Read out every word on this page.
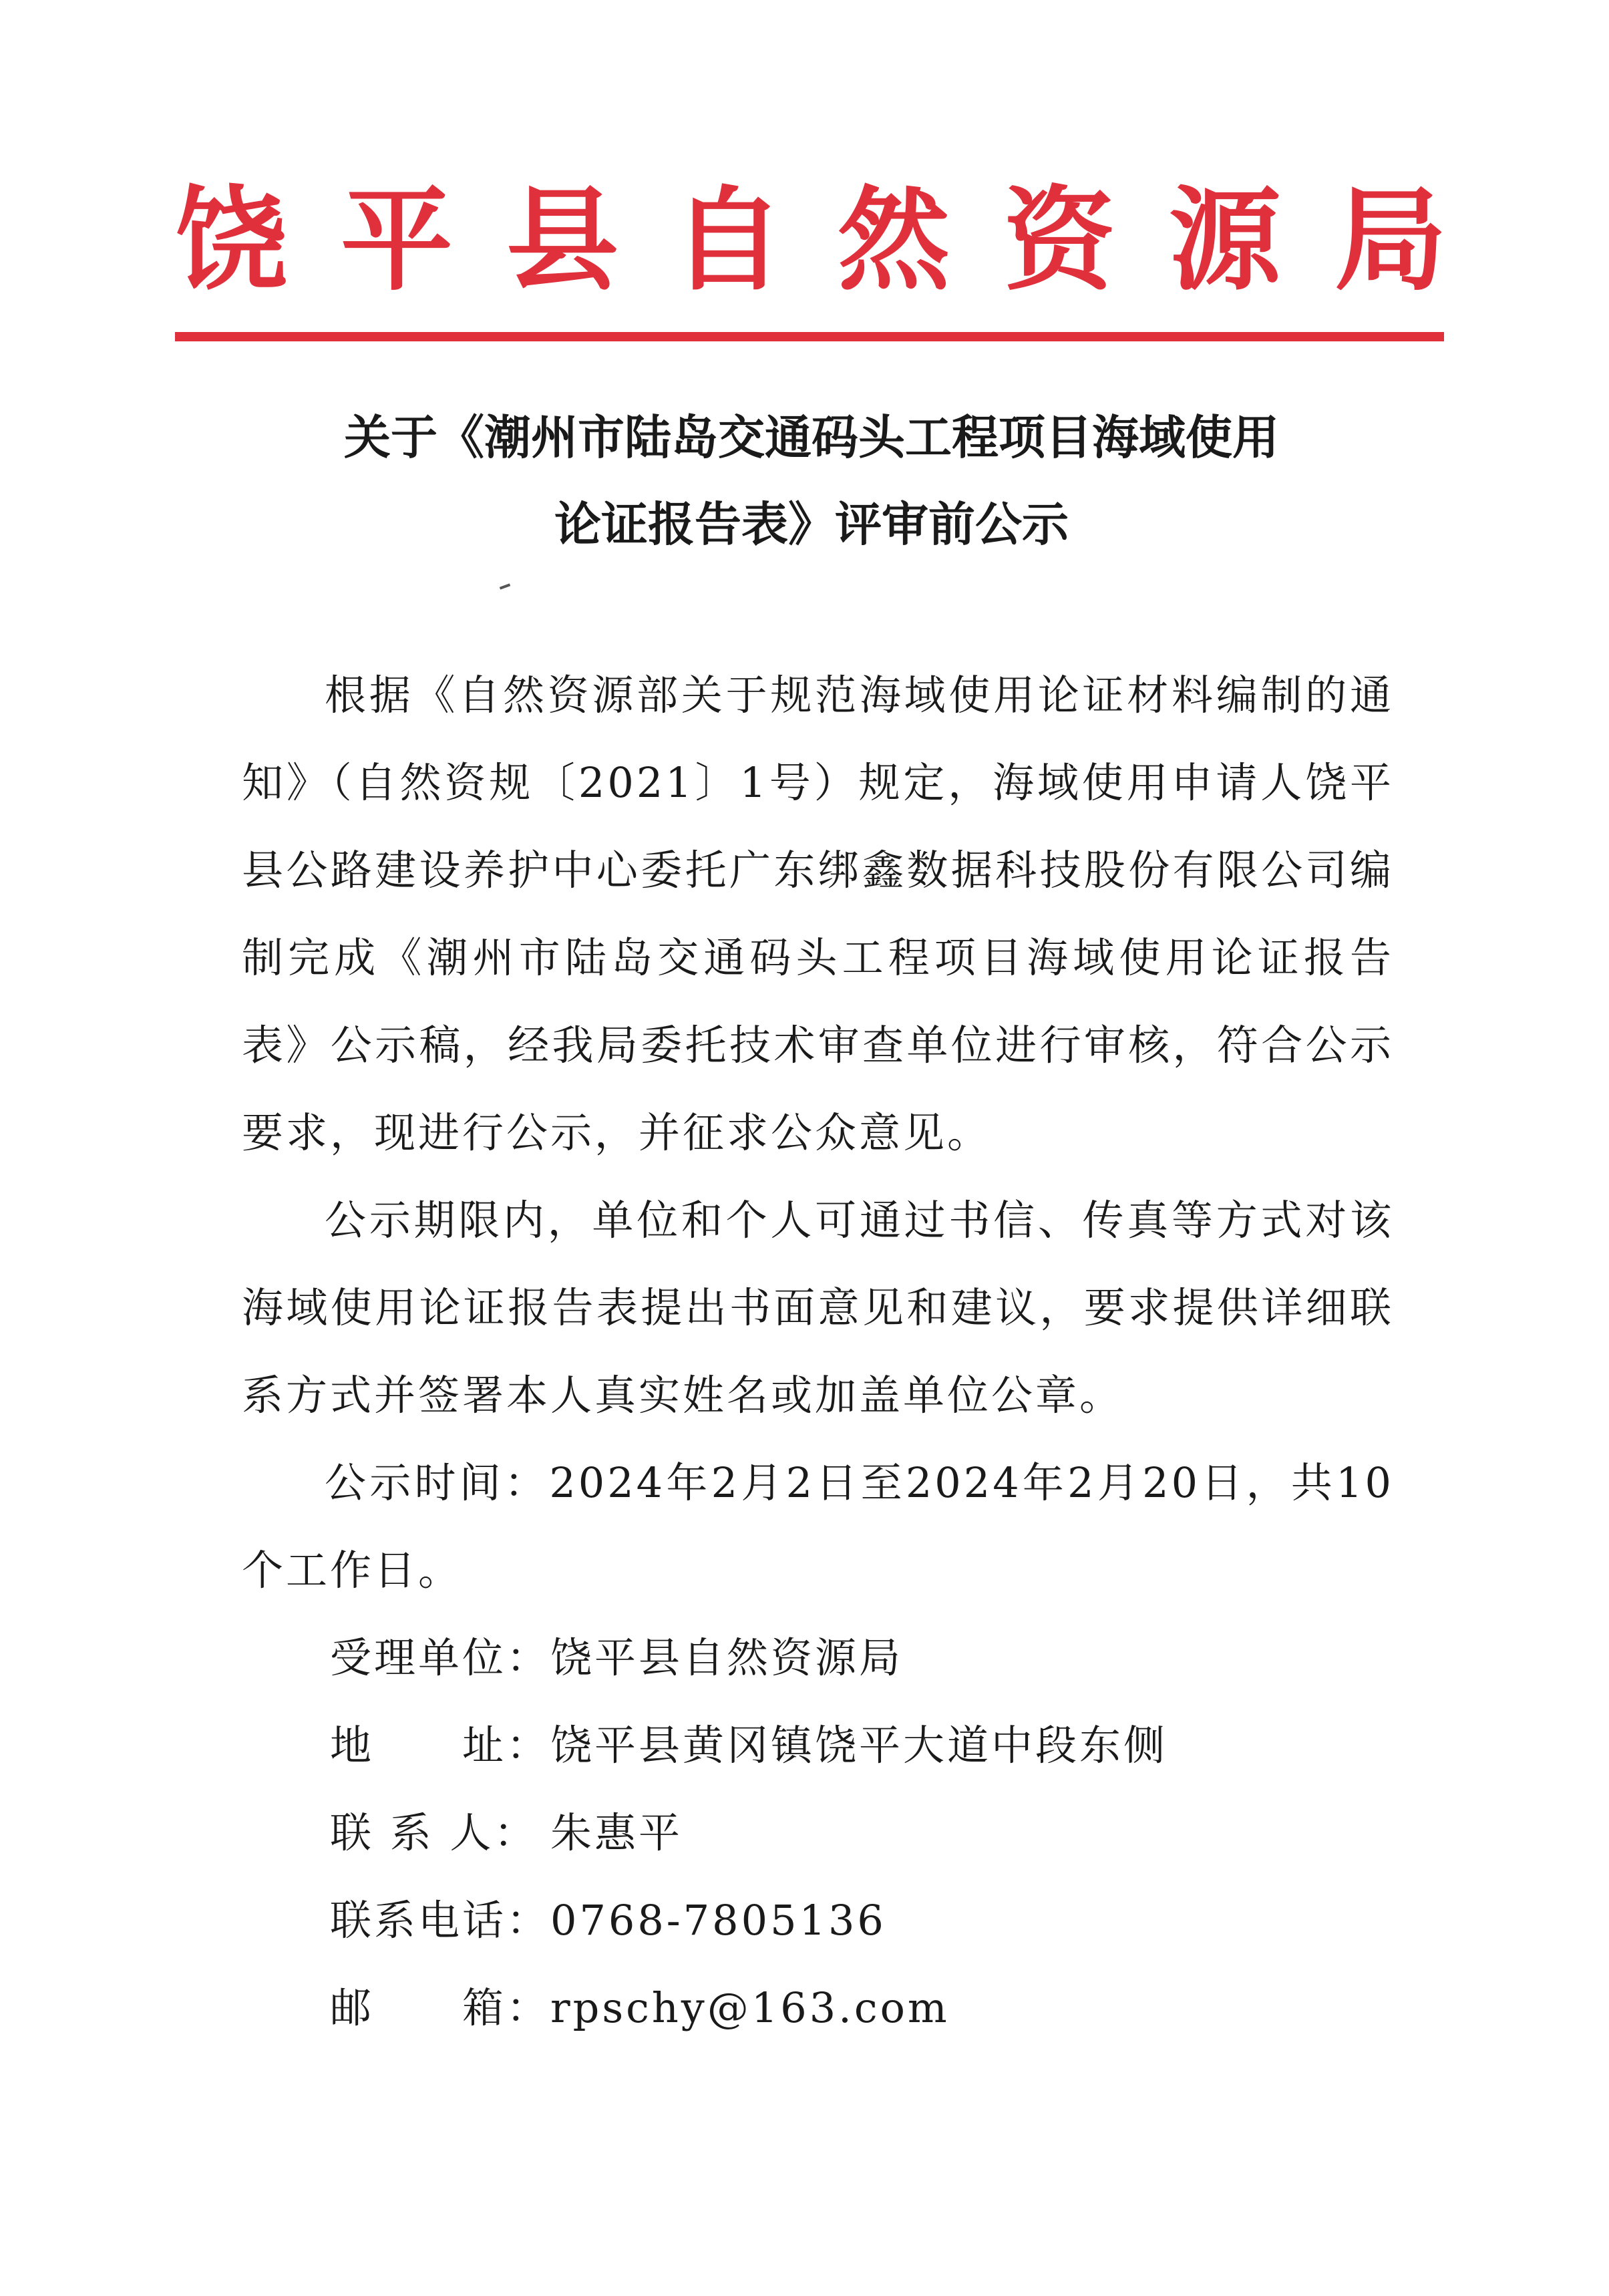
饶平县自然资源局
关于《潮州市陆岛交通码头工程项目海域使用
论证报告表》评审前公示

根据《自然资源部关于规范海域使用论证材料编制的通知》（自然资规〔2021〕1号）规定，海域使用申请人饶平县公路建设养护中心委托广东绑鑫数据科技股份有限公司编制完成《潮州市陆岛交通码头工程项目海域使用论证报告表》公示稿，经我局委托技术审查单位进行审核，符合公示要求，现进行公示，并征求公众意见。

公示期限内，单位和个人可通过书信、传真等方式对该海域使用论证报告表提出书面意见和建议，要求提供详细联系方式并签署本人真实姓名或加盖单位公章。

公示时间：2024年2月2日至2024年2月20日，共10个工作日。

受理单位：饶平县自然资源局
地　　址：饶平县黄冈镇饶平大道中段东侧
联 系 人： 朱惠平
联系电话：0768-7805136
邮　　箱：rpschy@163.com
